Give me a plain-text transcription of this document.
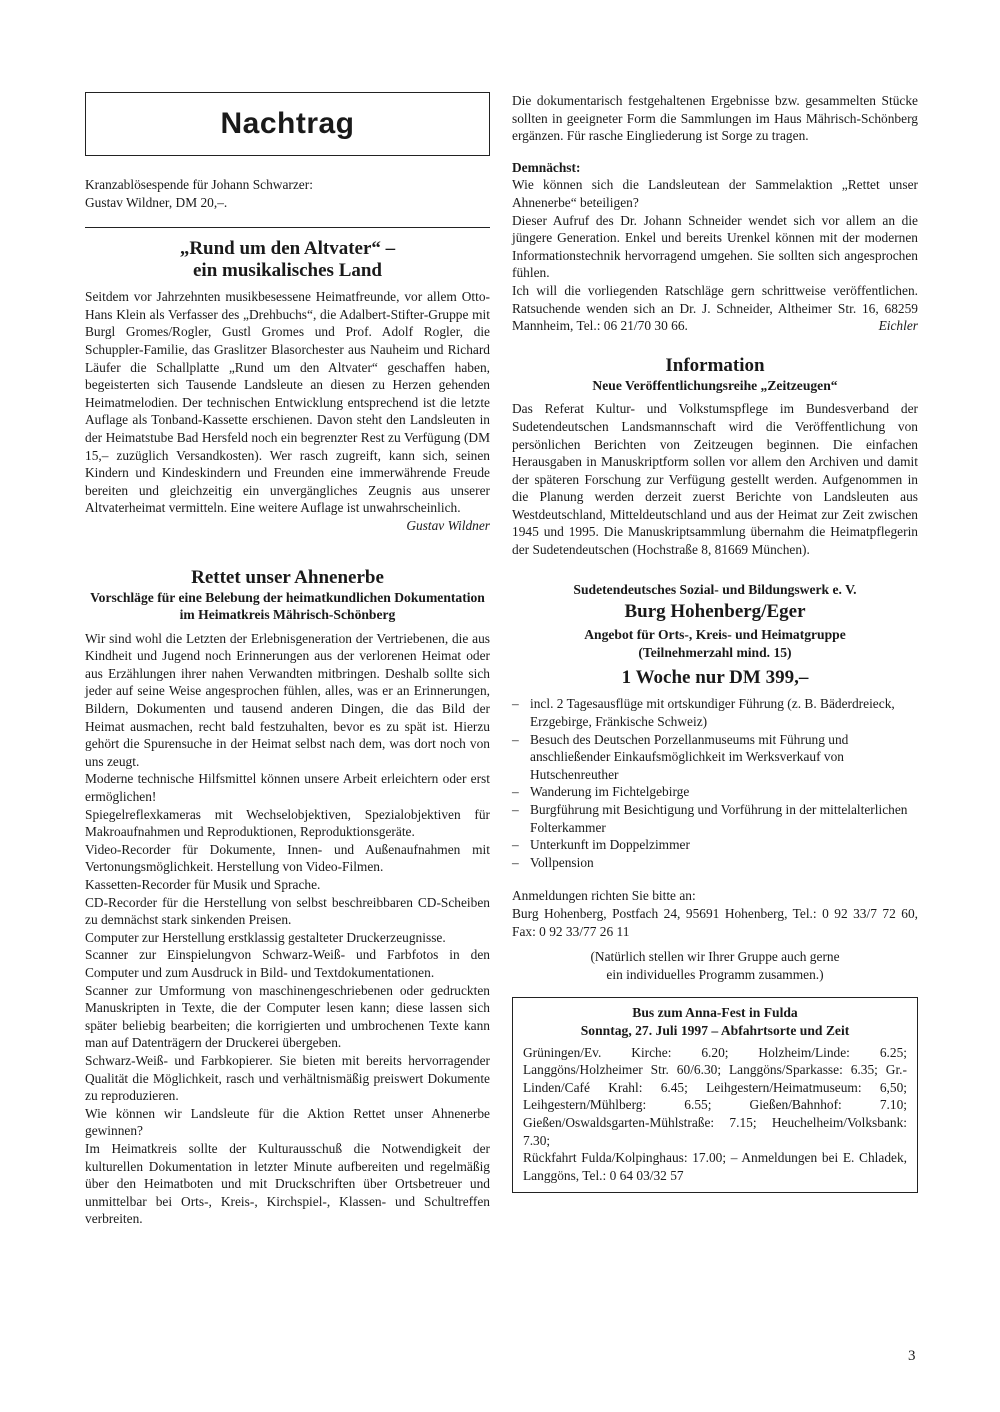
Nachtrag

Kranzablösespende für Johann Schwarzer:

Gustav Wildner, DM 20,–.

„Rund um den Altvater“ –

ein musikalisches Land

Seitdem vor Jahrzehnten musikbesessene Heimatfreunde, vor allem Otto-Hans Klein als Verfasser des „Drehbuchs“, die Adalbert-Stifter-Gruppe mit Burgl Gromes/Rogler, Gustl Gromes und Prof. Adolf Rogler, die Schuppler-Familie, das Graslitzer Blasorchester aus Nauheim und Richard Läufer die Schallplatte „Rund um den Altvater“ geschaffen haben, begeisterten sich Tausende Landsleute an diesen zu Herzen gehenden Heimatmelodien. Der technischen Entwicklung entsprechend ist die letzte Auflage als Tonband-Kassette erschienen. Davon steht den Landsleuten in der Heimatstube Bad Hersfeld noch ein begrenzter Rest zu Verfügung (DM 15,– zuzüglich Versandkosten). Wer rasch zugreift, kann sich, seinen Kindern und Kindeskindern und Freunden eine immerwährende Freude bereiten und gleichzeitig ein unvergängliches Zeugnis aus unserer Altvaterheimat vermitteln. Eine weitere Auflage ist unwahrscheinlich.

Gustav Wildner

Rettet unser Ahnenerbe

Vorschläge für eine Belebung der heimatkundlichen Dokumentation im Heimatkreis Mährisch-Schönberg

Wir sind wohl die Letzten der Erlebnisgeneration der Vertriebenen, die aus Kindheit und Jugend noch Erinnerungen aus der verlorenen Heimat oder aus Erzählungen ihrer nahen Verwandten mitbringen. Deshalb sollte sich jeder auf seine Weise angesprochen fühlen, alles, was er an Erinnerungen, Bildern, Dokumenten und tausend anderen Dingen, die das Bild der Heimat ausmachen, recht bald festzuhalten, bevor es zu spät ist. Hierzu gehört die Spurensuche in der Heimat selbst nach dem, was dort noch von uns zeugt.

Moderne technische Hilfsmittel können unsere Arbeit erleichtern oder erst ermöglichen!

Spiegelreflexkameras mit Wechselobjektiven, Spezialobjektiven für Makroaufnahmen und Reproduktionen, Reproduktionsgeräte.

Video-Recorder für Dokumente, Innen- und Außenaufnahmen mit Vertonungsmöglichkeit. Herstellung von Video-Filmen.

Kassetten-Recorder für Musik und Sprache.

CD-Recorder für die Herstellung von selbst beschreibbaren CD-Scheiben zu demnächst stark sinkenden Preisen.

Computer zur Herstellung erstklassig gestalteter Druckerzeugnisse.

Scanner zur Einspielungvon Schwarz-Weiß- und Farbfotos in den Computer und zum Ausdruck in Bild- und Textdokumentationen.

Scanner zur Umformung von maschinengeschriebenen oder gedruckten Manuskripten in Texte, die der Computer lesen kann; diese lassen sich später beliebig bearbeiten; die korrigierten und umbrochenen Texte kann man auf Datenträgern der Druckerei übergeben.

Schwarz-Weiß- und Farbkopierer. Sie bieten mit bereits hervorragender Qualität die Möglichkeit, rasch und verhältnismäßig preiswert Dokumente zu reproduzieren.

Wie können wir Landsleute für die Aktion Rettet unser Ahnenerbe gewinnen?

Im Heimatkreis sollte der Kulturausschuß die Notwendigkeit der kulturellen Dokumentation in letzter Minute aufbereiten und regelmäßig über den Heimatboten und mit Druckschriften über Ortsbetreuer und unmittelbar bei Orts-, Kreis-, Kirchspiel-, Klassen- und Schultreffen verbreiten.

Die dokumentarisch festgehaltenen Ergebnisse bzw. gesammelten Stücke sollten in geeigneter Form die Sammlungen im Haus Mährisch-Schönberg ergänzen. Für rasche Eingliederung ist Sorge zu tragen.

Demnächst:

Wie können sich die Landsleutean der Sammelaktion „Rettet unser Ahnenerbe“ beteiligen?

Dieser Aufruf des Dr. Johann Schneider wendet sich vor allem an die jüngere Generation. Enkel und bereits Urenkel können mit der modernen Informationstechnik hervorragend umgehen. Sie sollten sich angesprochen fühlen.

Ich will die vorliegenden Ratschläge gern schrittweise veröffentlichen. Ratsuchende wenden sich an Dr. J. Schneider, Altheimer Str. 16, 68259 Mannheim, Tel.: 06 21/70 30 66.	Eichler

Information

Neue Veröffentlichungsreihe „Zeitzeugen“

Das Referat Kultur- und Volkstumspflege im Bundesverband der Sudetendeutschen Landsmannschaft wird die Veröffentlichung von persönlichen Berichten von Zeitzeugen beginnen. Die einfachen Herausgaben in Manuskriptform sollen vor allem den Archiven und damit der späteren Forschung zur Verfügung gestellt werden. Aufgenommen in die Planung werden derzeit zuerst Berichte von Landsleuten aus Westdeutschland, Mitteldeutschland und aus der Heimat zur Zeit zwischen 1945 und 1995. Die Manuskriptsammlung übernahm die Heimatpflegerin der Sudetendeutschen (Hochstraße 8, 81669 München).

Sudetendeutsches Sozial- und Bildungswerk e. V.

Burg Hohenberg/Eger

Angebot für Orts-, Kreis- und Heimatgruppe

(Teilnehmerzahl mind. 15)

1 Woche nur DM 399,–

– incl. 2 Tagesausflüge mit ortskundiger Führung (z. B. Bäderdreieck, Erzgebirge, Fränkische Schweiz)
– Besuch des Deutschen Porzellanmuseums mit Führung und anschließender Einkaufsmöglichkeit im Werksverkauf von Hutschenreuther
– Wanderung im Fichtelgebirge
– Burgführung mit Besichtigung und Vorführung in der mittelalterlichen Folterkammer
– Unterkunft im Doppelzimmer
– Vollpension

Anmeldungen richten Sie bitte an:

Burg Hohenberg, Postfach 24, 95691 Hohenberg, Tel.: 0 92 33/7 72 60, Fax: 0 92 33/77 26 11

(Natürlich stellen wir Ihrer Gruppe auch gerne

ein individuelles Programm zusammen.)

Bus zum Anna-Fest in Fulda

Sonntag, 27. Juli 1997 – Abfahrtsorte und Zeit

Grüningen/Ev. Kirche: 6.20; Holzheim/Linde: 6.25; Langgöns/Holzheimer Str. 60/6.30; Langgöns/Sparkasse: 6.35; Gr.-Linden/Café Krahl: 6.45; Leihgestern/Heimatmuseum: 6,50; Leihgestern/Mühlberg: 6.55; Gießen/Bahnhof: 7.10; Gießen/Oswaldsgarten-Mühlstraße: 7.15; Heuchelheim/Volksbank: 7.30;

Rückfahrt Fulda/Kolpinghaus: 17.00; – Anmeldungen bei E. Chladek, Langgöns, Tel.: 0 64 03/32 57

3
